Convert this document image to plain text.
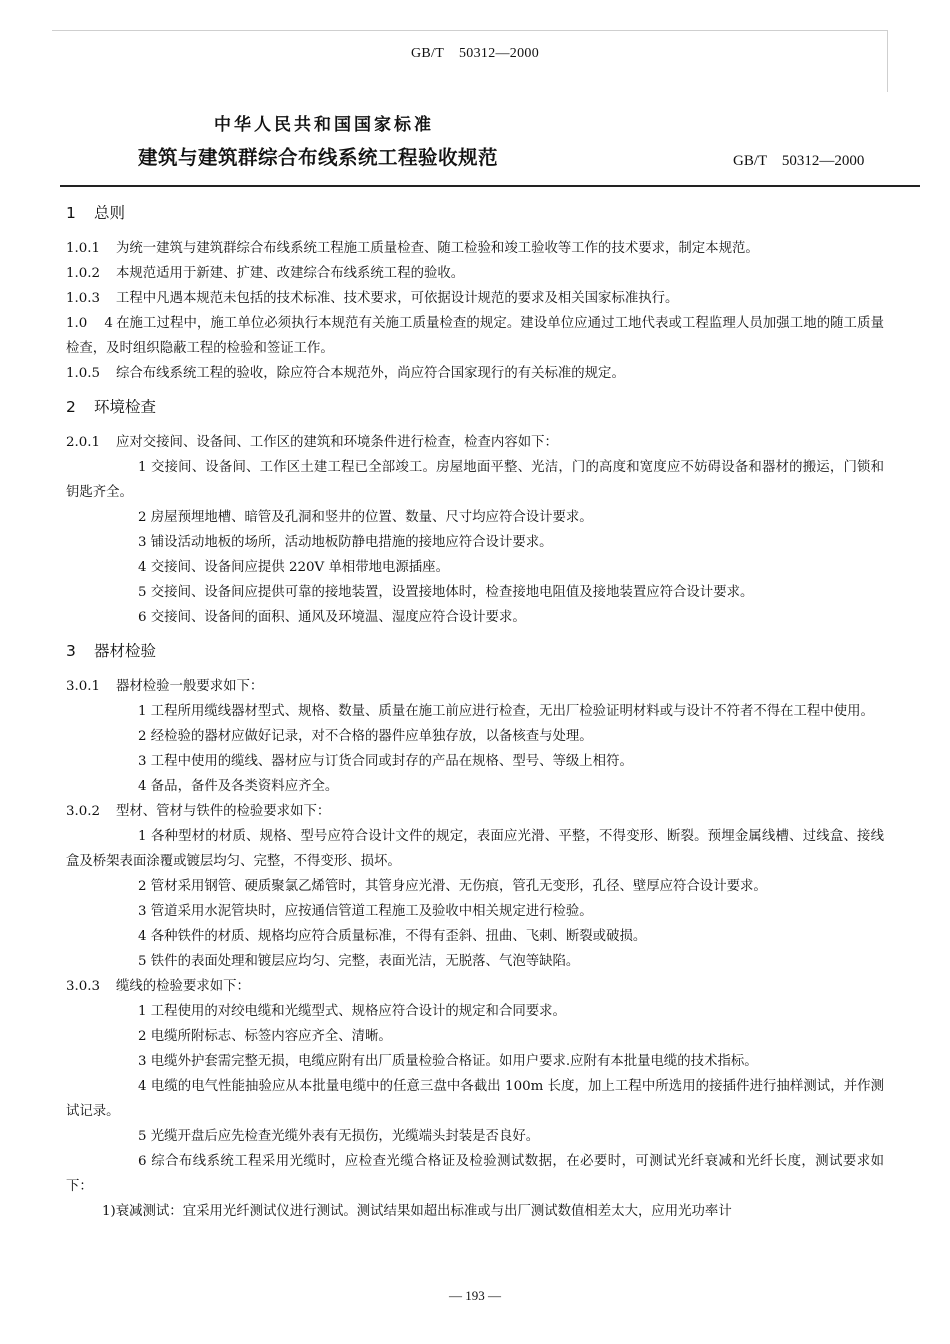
GB/T    50312—2000
中华人民共和国国家标准
建筑与建筑群综合布线系统工程验收规范	GB/T    50312—2000
1 总则

1.0.1 为统一建筑与建筑群综合布线系统工程施工质量检查、随工检验和竣工验收等工作的技术要求，制定本规范。

1.0.2 本规范适用于新建、扩建、改建综合布线系统工程的验收。

1.0.3 工程中凡遇本规范未包括的技术标准、技术要求，可依据设计规范的要求及相关国家标准执行。

1.0    4 在施工过程中，施工单位必须执行本规范有关施工质量检查的规定。建设单位应通过工地代表或工程监理人员加强工地的随工质量检查，及时组织隐蔽工程的检验和签证工作。

1.0.5 综合布线系统工程的验收，除应符合本规范外，尚应符合国家现行的有关标准的规定。

2 环境检查

2.0.1 应对交接间、设备间、工作区的建筑和环境条件进行检查，检查内容如下：

1 交接间、设备间、工作区土建工程已全部竣工。房屋地面平整、光洁，门的高度和宽度应不妨碍设备和器材的搬运，门锁和钥匙齐全。

2 房屋预埋地槽、暗管及孔洞和竖井的位置、数量、尺寸均应符合设计要求。

3 铺设活动地板的场所，活动地板防静电措施的接地应符合设计要求。

4 交接间、设备间应提供 220V 单相带地电源插座。

5 交接间、设备间应提供可靠的接地装置，设置接地体时，检查接地电阻值及接地装置应符合设计要求。

6 交接间、设备间的面积、通风及环境温、湿度应符合设计要求。

3 器材检验

3.0.1 器材检验一般要求如下：

1 工程所用缆线器材型式、规格、数量、质量在施工前应进行检查，无出厂检验证明材料或与设计不符者不得在工程中使用。

2 经检验的器材应做好记录，对不合格的器件应单独存放，以备核查与处理。

3 工程中使用的缆线、器材应与订货合同或封存的产品在规格、型号、等级上相符。

4 备品，备件及各类资料应齐全。

3.0.2 型材、管材与铁件的检验要求如下：

1 各种型材的材质、规格、型号应符合设计文件的规定，表面应光滑、平整，不得变形、断裂。预埋金属线槽、过线盒、接线盒及桥架表面涂覆或镀层均匀、完整，不得变形、损坏。

2 管材采用钢管、硬质聚氯乙烯管时，其管身应光滑、无伤痕，管孔无变形，孔径、壁厚应符合设计要求。

3 管道采用水泥管块时，应按通信管道工程施工及验收中相关规定进行检验。

4 各种铁件的材质、规格均应符合质量标准，不得有歪斜、扭曲、飞刺、断裂或破损。

5 铁件的表面处理和镀层应均匀、完整，表面光洁，无脱落、气泡等缺陷。

3.0.3 缆线的检验要求如下：

1 工程使用的对绞电缆和光缆型式、规格应符合设计的规定和合同要求。

2 电缆所附标志、标签内容应齐全、清晰。

3 电缆外护套需完整无损，电缆应附有出厂质量检验合格证。如用户要求.应附有本批量电缆的技术指标。

4 电缆的电气性能抽验应从本批量电缆中的任意三盘中各截出 100m 长度，加上工程中所选用的接插件进行抽样测试，并作测试记录。

5 光缆开盘后应先检查光缆外表有无损伤，光缆端头封装是否良好。

6 综合布线系统工程采用光缆时，应检查光缆合格证及检验测试数据，在必要时，可测试光纤衰减和光纤长度，测试要求如下：

1)衰减测试：宜采用光纤测试仪进行测试。测试结果如超出标准或与出厂测试数值相差太大，应用光功率计

— 193 —
